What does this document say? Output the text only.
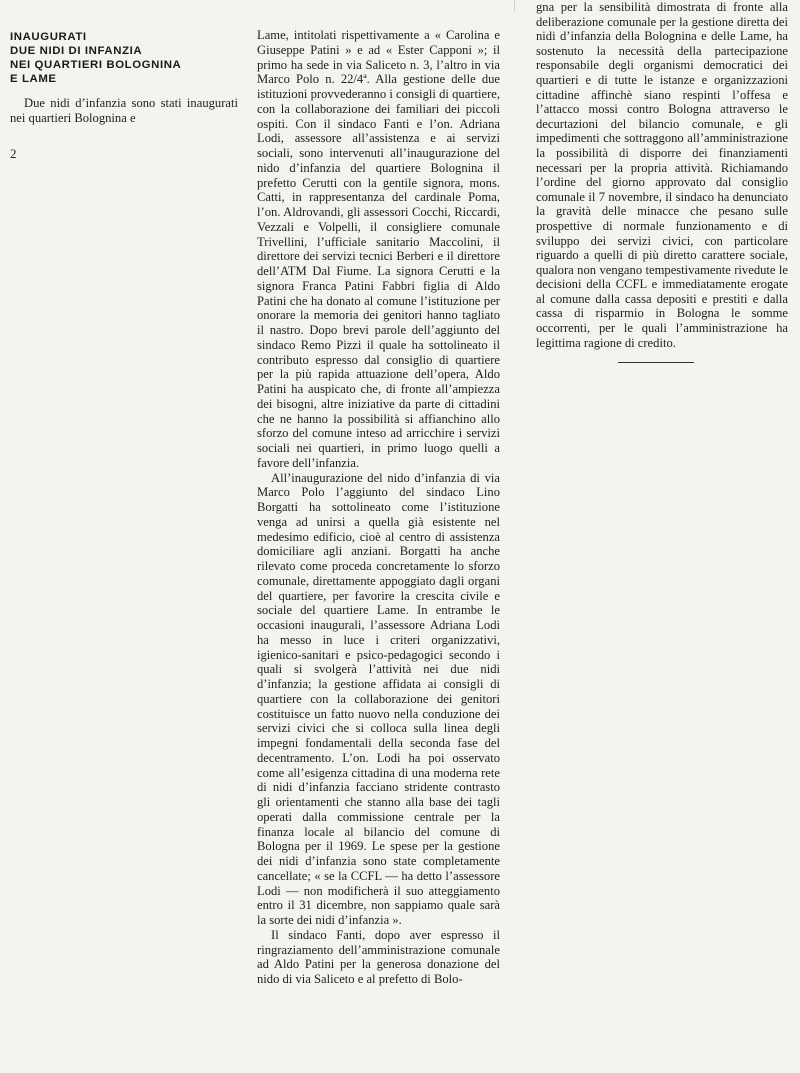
INAUGURATI
DUE NIDI DI INFANZIA
NEI QUARTIERI BOLOGNINA
E LAME

Due nidi d’infanzia sono stati inaugurati nei quartieri Bolognina e

2

Lame, intitolati rispettivamente a « Carolina e Giuseppe Patini » e ad « Ester Capponi »; il primo ha sede in via Saliceto n. 3, l’altro in via Marco Polo n. 22/4ª. Alla gestione delle due istituzioni provvederanno i consigli di quartiere, con la collaborazione dei familiari dei piccoli ospiti. Con il sindaco Fanti e l’on. Adriana Lodi, assessore all’assistenza e ai servizi sociali, sono intervenuti all’inaugurazione del nido d’infanzia del quartiere Bolognina il prefetto Cerutti con la gentile signora, mons. Catti, in rappresentanza del cardinale Poma, l’on. Aldrovandi, gli assessori Cocchi, Riccardi, Vezzali e Volpelli, il consigliere comunale Trivellini, l’ufficiale sanitario Maccolini, il direttore dei servizi tecnici Berberi e il direttore dell’ATM Dal Fiume. La signora Cerutti e la signora Franca Patini Fabbri figlia di Aldo Patini che ha donato al comune l’istituzione per onorare la memoria dei genitori hanno tagliato il nastro. Dopo brevi parole dell’aggiunto del sindaco Remo Pizzi il quale ha sottolineato il contributo espresso dal consiglio di quartiere per la più rapida attuazione dell’opera, Aldo Patini ha auspicato che, di fronte all’ampiezza dei bisogni, altre iniziative da parte di cittadini che ne hanno la possibilità si affianchino allo sforzo del comune inteso ad arricchire i servizi sociali nei quartieri, in primo luogo quelli a favore dell’infanzia.

All’inaugurazione del nido d’infanzia di via Marco Polo l’aggiunto del sindaco Lino Borgatti ha sottolineato come l’istituzione venga ad unirsi a quella già esistente nel medesimo edificio, cioè al centro di assistenza domiciliare agli anziani. Borgatti ha anche rilevato come proceda concretamente lo sforzo comunale, direttamente appoggiato dagli organi del quartiere, per favorire la crescita civile e sociale del quartiere Lame. In entrambe le occasioni inaugurali, l’assessore Adriana Lodi ha messo in luce i criteri organizzativi, igienico-sanitari e psico-pedagogici secondo i quali si svolgerà l’attività nei due nidi d’infanzia; la gestione affidata ai consigli di quartiere con la collaborazione dei genitori costituisce un fatto nuovo nella conduzione dei servizi civici che si colloca sulla linea degli impegni fondamentali della seconda fase del decentramento. L’on. Lodi ha poi osservato come all’esigenza cittadina di una moderna rete di nidi d’infanzia facciano stridente contrasto gli orientamenti che stanno alla base dei tagli operati dalla commissione centrale per la finanza locale al bilancio del comune di Bologna per il 1969. Le spese per la gestione dei nidi d’infanzia sono state completamente cancellate; « se la CCFL — ha detto l’assessore Lodi — non modificherà il suo atteggiamento entro il 31 dicembre, non sappiamo quale sarà la sorte dei nidi d’infanzia ».

Il sindaco Fanti, dopo aver espresso il ringraziamento dell’amministrazione comunale ad Aldo Patini per la generosa donazione del nido di via Saliceto e al prefetto di Bolo-

gna per la sensibilità dimostrata di fronte alla deliberazione comunale per la gestione diretta dei nidi d’infanzia della Bolognina e delle Lame, ha sostenuto la necessità della partecipazione responsabile degli organismi democratici dei quartieri e di tutte le istanze e organizzazioni cittadine affinchè siano respinti l’offesa e l’attacco mossi contro Bologna attraverso le decurtazioni del bilancio comunale, e gli impedimenti che sottraggono all’amministrazione la possibilità di disporre dei finanziamenti necessari per la propria attività. Richiamando l’ordine del giorno approvato dal consiglio comunale il 7 novembre, il sindaco ha denunciato la gravità delle minacce che pesano sulle prospettive di normale funzionamento e di sviluppo dei servizi civici, con particolare riguardo a quelli di più diretto carattere sociale, qualora non vengano tempestivamente rivedute le decisioni della CCFL e immediatamente erogate al comune dalla cassa depositi e prestiti e dalla cassa di risparmio in Bologna le somme occorrenti, per le quali l’amministrazione ha legittima ragione di credito.
